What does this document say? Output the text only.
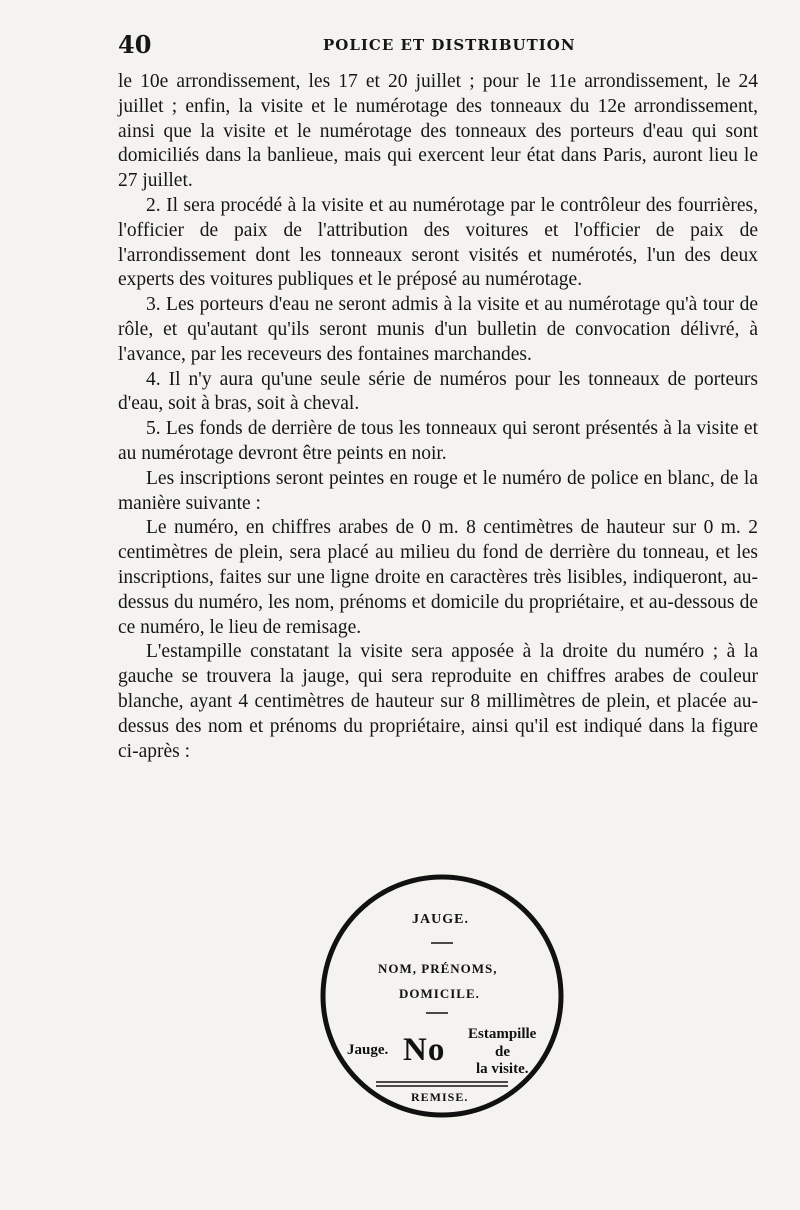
40	POLICE ET DISTRIBUTION

le 10e arrondissement, les 17 et 20 juillet ; pour le 11e arrondissement, le 24 juillet ; enfin, la visite et le numérotage des tonneaux du 12e arrondissement, ainsi que la visite et le numérotage des tonneaux des porteurs d'eau qui sont domiciliés dans la banlieue, mais qui exercent leur état dans Paris, auront lieu le 27 juillet.

2. Il sera procédé à la visite et au numérotage par le contrôleur des fourrières, l'officier de paix de l'attribution des voitures et l'officier de paix de l'arrondissement dont les tonneaux seront visités et numérotés, l'un des deux experts des voitures publiques et le préposé au numérotage.

3. Les porteurs d'eau ne seront admis à la visite et au numérotage qu'à tour de rôle, et qu'autant qu'ils seront munis d'un bulletin de convocation délivré, à l'avance, par les receveurs des fontaines marchandes.

4. Il n'y aura qu'une seule série de numéros pour les tonneaux de porteurs d'eau, soit à bras, soit à cheval.

5. Les fonds de derrière de tous les tonneaux qui seront présentés à la visite et au numérotage devront être peints en noir.

Les inscriptions seront peintes en rouge et le numéro de police en blanc, de la manière suivante :

Le numéro, en chiffres arabes de 0 m. 8 centimètres de hauteur sur 0 m. 2 centimètres de plein, sera placé au milieu du fond de derrière du tonneau, et les inscriptions, faites sur une ligne droite en caractères très lisibles, indiqueront, au-dessus du numéro, les nom, prénoms et domicile du propriétaire, et au-dessous de ce numéro, le lieu de remisage.

L'estampille constatant la visite sera apposée à la droite du numéro ; à la gauche se trouvera la jauge, qui sera reproduite en chiffres arabes de couleur blanche, ayant 4 centimètres de hauteur sur 8 millimètres de plein, et placée au-dessus des nom et prénoms du propriétaire, ainsi qu'il est indiqué dans la figure ci-après :

JAUGE.
NOM, PRÉNOMS,
DOMICILE.
Jauge. No Estampille
de
la visite.
REMISE.
